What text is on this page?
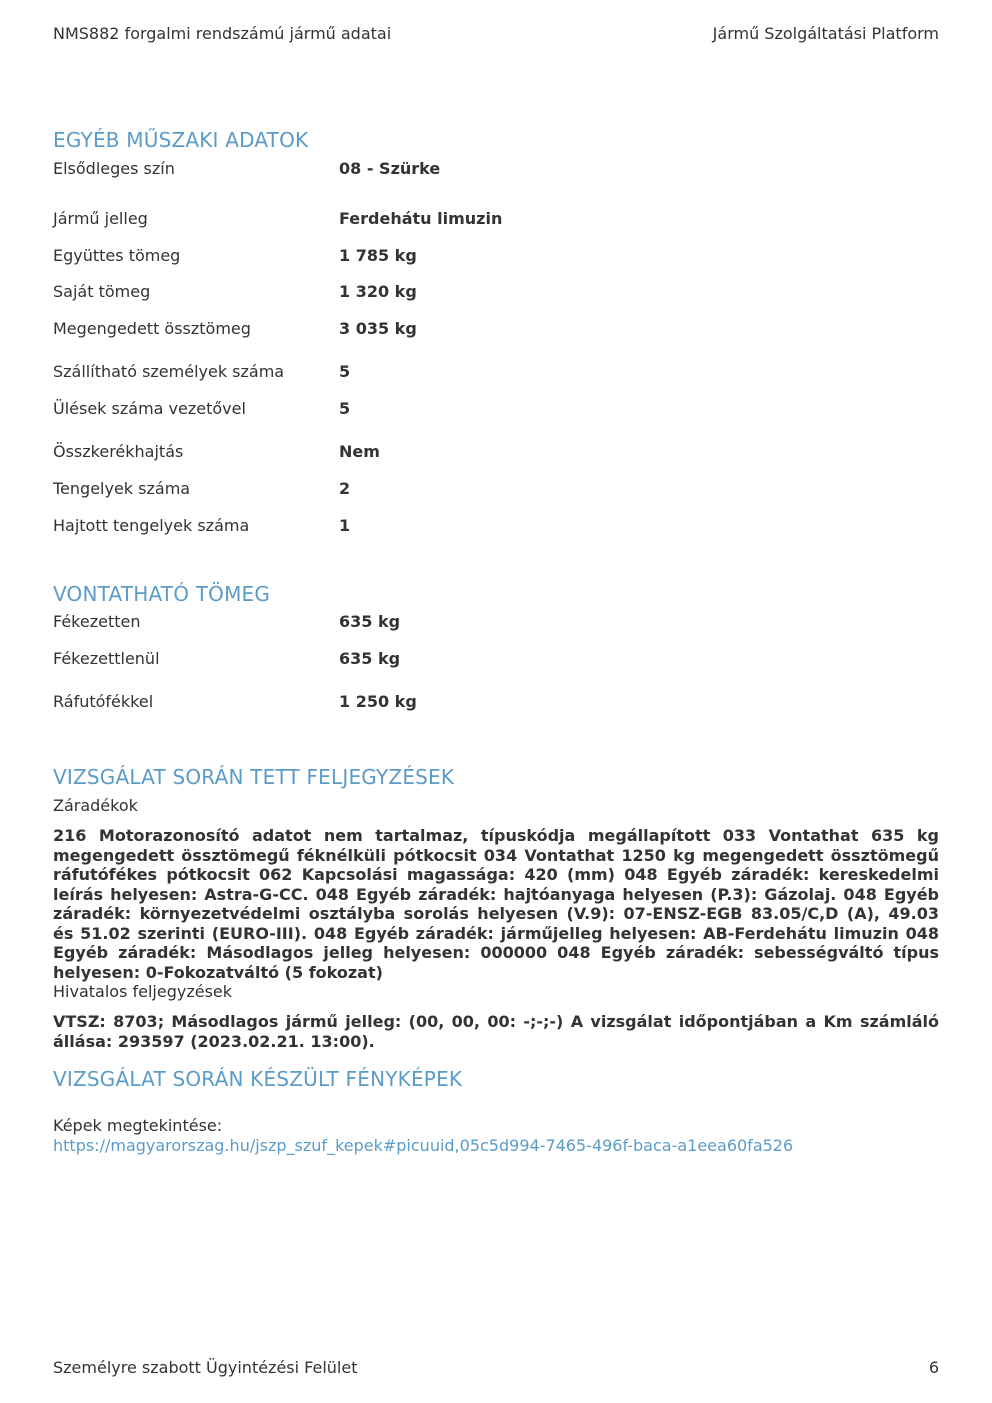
NMS882 forgalmi rendszámú jármű adatai	Jármű Szolgáltatási Platform
EGYÉB MŰSZAKI ADATOK
Elsődleges szín	08 - Szürke
Jármű jelleg	Ferdehátu limuzin
Együttes tömeg	1 785 kg
Saját tömeg	1 320 kg
Megengedett össztömeg	3 035 kg
Szállítható személyek száma	5
Ülések száma vezetővel	5
Összkerékhajtás	Nem
Tengelyek száma	2
Hajtott tengelyek száma	1
VONTATHATÓ TÖMEG
Fékezetten	635 kg
Fékezettlenül	635 kg
Ráfutófékkel	1 250 kg
VIZSGÁLAT SORÁN TETT FELJEGYZÉSEK
Záradékok

216 Motorazonosító adatot nem tartalmaz, típuskódja megállapított 033 Vontathat 635 kg megengedett össztömegű féknélküli pótkocsit 034 Vontathat 1250 kg megengedett össztömegű ráfutófékes pótkocsit 062 Kapcsolási magassága: 420 (mm) 048 Egyéb záradék: kereskedelmi leírás helyesen: Astra-G-CC. 048 Egyéb záradék: hajtóanyaga helyesen (P.3): Gázolaj. 048 Egyéb záradék: környezetvédelmi osztályba sorolás helyesen (V.9): 07-ENSZ-EGB 83.05/C,D (A), 49.03 és 51.02 szerinti (EURO-III). 048 Egyéb záradék: járműjelleg helyesen: AB-Ferdehátu limuzin 048 Egyéb záradék: Másodlagos jelleg helyesen: 000000 048 Egyéb záradék: sebességváltó típus helyesen: 0-Fokozatváltó (5 fokozat)

Hivatalos feljegyzések

VTSZ: 8703; Másodlagos jármű jelleg: (00, 00, 00: -;-;-) A vizsgálat időpontjában a Km számláló állása: 293597 (2023.02.21. 13:00).

VIZSGÁLAT SORÁN KÉSZÜLT FÉNYKÉPEK
Képek megtekintése:
https://magyarorszag.hu/jszp_szuf_kepek#picuuid,05c5d994-7465-496f-baca-a1eea60fa526
Személyre szabott Ügyintézési Felület	6
